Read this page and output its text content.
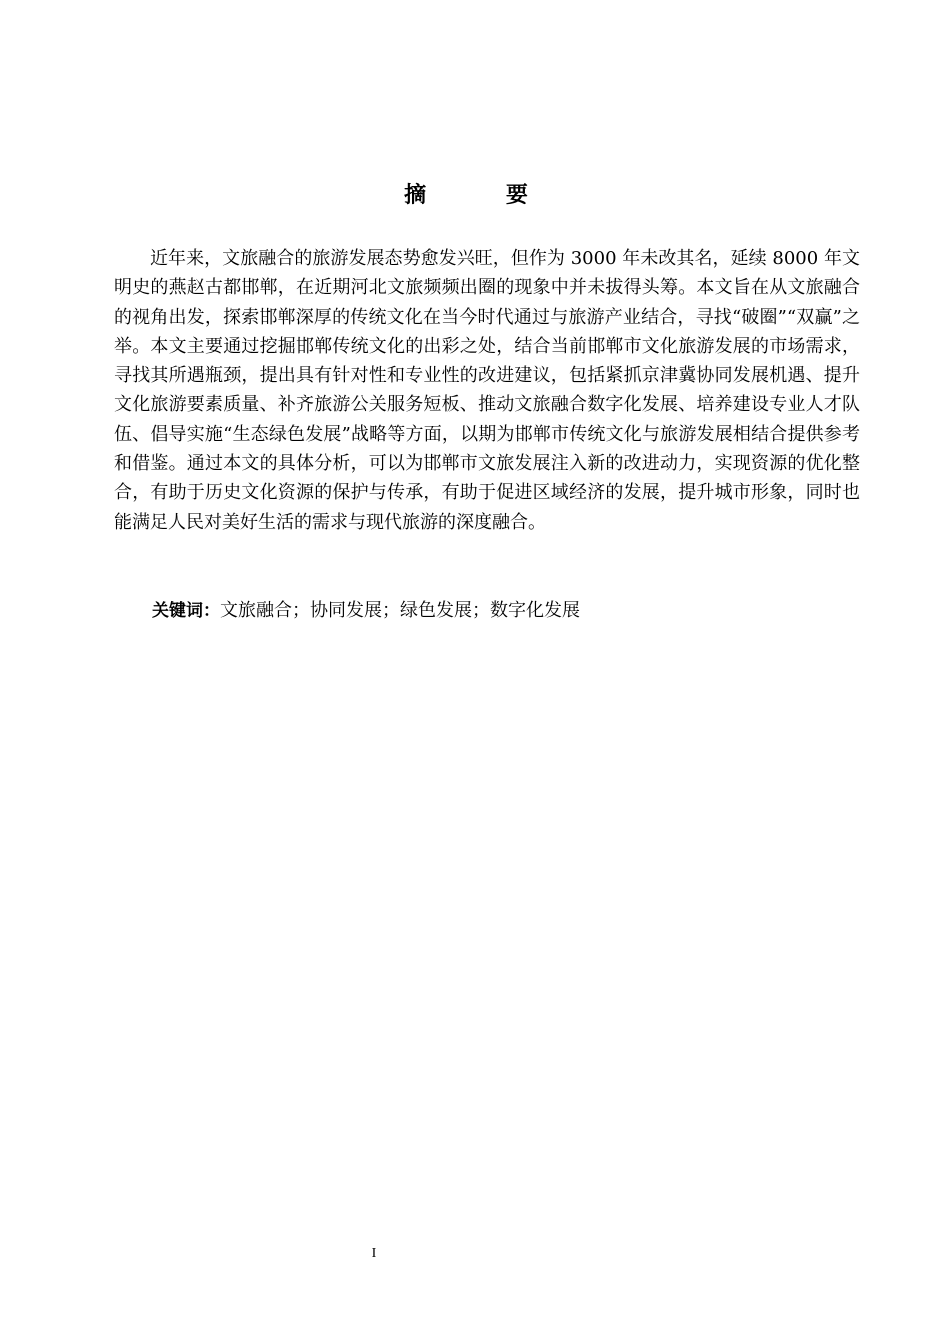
摘 要

近年来，文旅融合的旅游发展态势愈发兴旺，但作为 3000 年未改其名，延续 8000 年文明史的燕赵古都邯郸，在近期河北文旅频频出圈的现象中并未拔得头筹。本文旨在从文旅融合的视角出发，探索邯郸深厚的传统文化在当今时代通过与旅游产业结合，寻找“破圈”“双赢”之举。本文主要通过挖掘邯郸传统文化的出彩之处，结合当前邯郸市文化旅游发展的市场需求，寻找其所遇瓶颈，提出具有针对性和专业性的改进建议，包括紧抓京津冀协同发展机遇、提升文化旅游要素质量、补齐旅游公关服务短板、推动文旅融合数字化发展、培养建设专业人才队伍、倡导实施“生态绿色发展”战略等方面，以期为邯郸市传统文化与旅游发展相结合提供参考和借鉴。通过本文的具体分析，可以为邯郸市文旅发展注入新的改进动力，实现资源的优化整合，有助于历史文化资源的保护与传承，有助于促进区域经济的发展，提升城市形象，同时也能满足人民对美好生活的需求与现代旅游的深度融合。

关键词：文旅融合；协同发展；绿色发展；数字化发展

I
